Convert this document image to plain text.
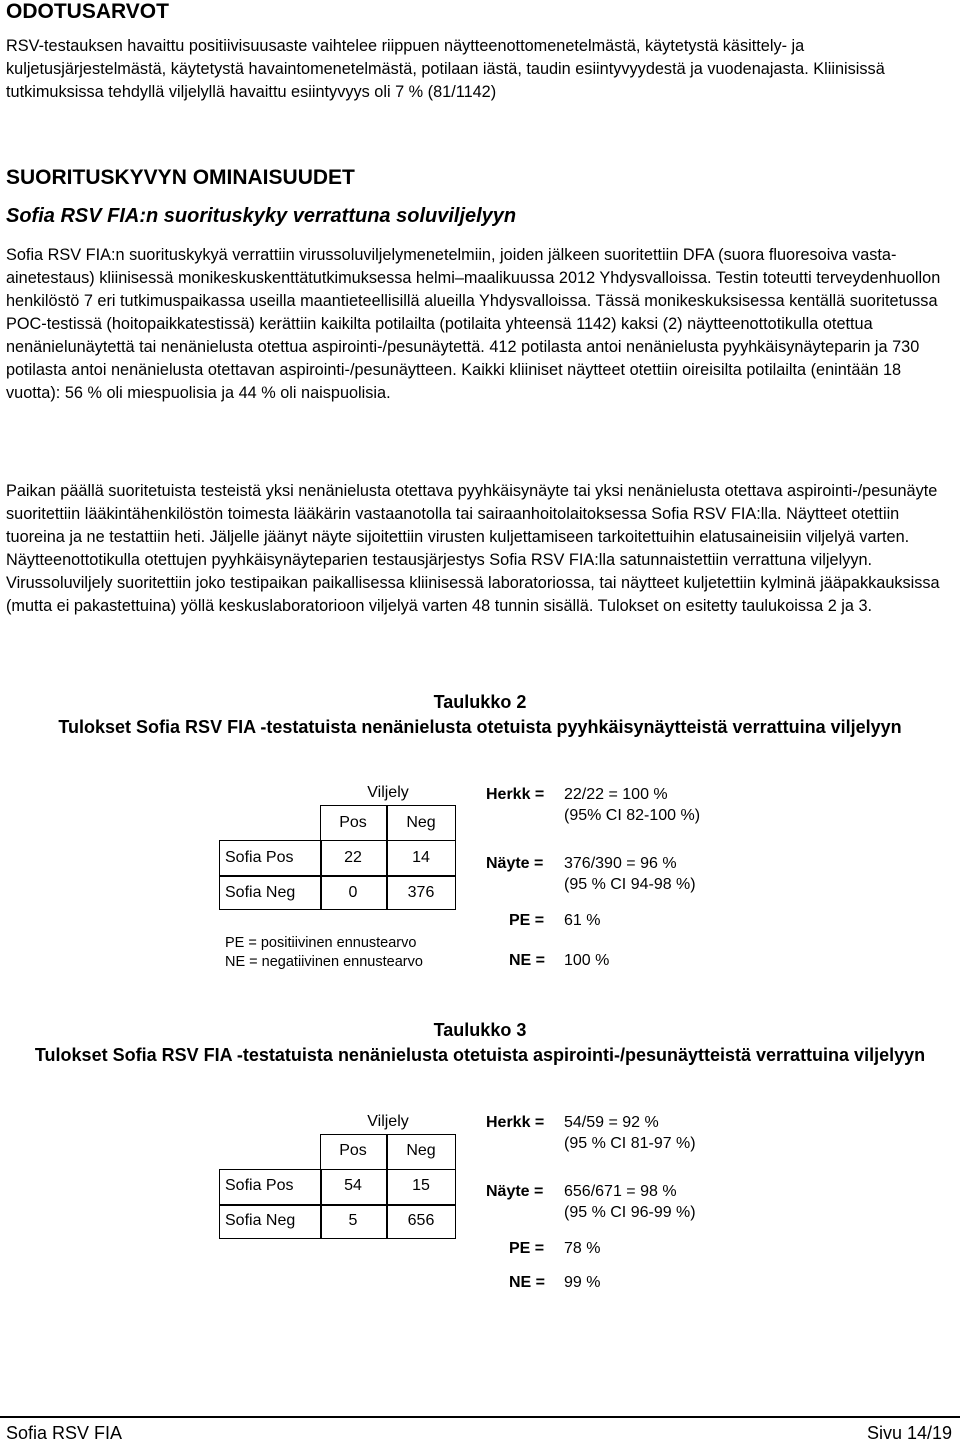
ODOTUSARVOT
RSV-testauksen havaittu positiivisuusaste vaihtelee riippuen näytteenottomenetelmästä, käytetystä käsittely- ja kuljetusjärjestelmästä, käytetystä havaintomenetelmästä, potilaan iästä, taudin esiintyvyydestä ja vuodenajasta. Kliinisissä tutkimuksissa tehdyllä viljelyllä havaittu esiintyvyys oli 7 % (81/1142)
SUORITUSKYVYN OMINAISUUDET
Sofia RSV FIA:n suorituskyky verrattuna soluviljelyyn
Sofia RSV FIA:n suorituskykyä verrattiin virussoluviljelymenetelmiin, joiden jälkeen suoritettiin DFA (suora fluoresoiva vasta-ainetestaus) kliinisessä monikeskuskenttätutkimuksessa helmi–maalikuussa 2012 Yhdysvalloissa. Testin toteutti terveydenhuollon henkilöstö 7 eri tutkimuspaikassa useilla maantieteellisillä alueilla Yhdysvalloissa. Tässä monikeskuksisessa kentällä suoritetussa POC-testissä (hoitopaikkatestissä) kerättiin kaikilta potilailta (potilaita yhteensä 1142) kaksi (2) näytteenottotikulla otettua nenänielunäytettä tai nenänielusta otettua aspirointi-/pesunäytettä. 412 potilasta antoi nenänielusta pyyhkäisynäyteparin ja 730 potilasta antoi nenänielusta otettavan aspirointi-/pesunäytteen. Kaikki kliiniset näytteet otettiin oireisilta potilailta (enintään 18 vuotta): 56 % oli miespuolisia ja 44 % oli naispuolisia.
Paikan päällä suoritetuista testeistä yksi nenänielusta otettava pyyhkäisynäyte tai yksi nenänielusta otettava aspirointi-/pesunäyte suoritettiin lääkintähenkilöstön toimesta lääkärin vastaanotolla tai sairaanhoitolaitoksessa Sofia RSV FIA:lla. Näytteet otettiin tuoreina ja ne testattiin heti. Jäljelle jäänyt näyte sijoitettiin virusten kuljettamiseen tarkoitettuihin elatusaineisiin viljelyä varten. Näytteenottotikulla otettujen pyyhkäisynäyteparien testausjärjestys Sofia RSV FIA:lla satunnaistettiin verrattuna viljelyyn. Virussoluviljely suoritettiin joko testipaikan paikallisessa kliinisessä laboratoriossa, tai näytteet kuljetettiin kylminä jääpakkauksissa (mutta ei pakastettuina) yöllä keskuslaboratorioon viljelyä varten 48 tunnin sisällä. Tulokset on esitetty taulukoissa 2 ja 3.
Taulukko 2
Tulokset Sofia RSV FIA -testatuista nenänielusta otetuista pyyhkäisynäytteistä verrattuina viljelyyn
Viljely
Pos	Neg
Sofia Pos	22	14
Sofia Neg	0	376
PE = positiivinen ennustearvo
NE = negatiivinen ennustearvo
Herkk = 22/22 = 100 %
(95% CI 82-100 %)
Näyte = 376/390 = 96 %
(95 % CI 94-98 %)
PE = 61 %
NE = 100 %
Taulukko 3
Tulokset Sofia RSV FIA -testatuista nenänielusta otetuista aspirointi-/pesunäytteistä verrattuina viljelyyn
Viljely
Pos	Neg
Sofia Pos	54	15
Sofia Neg	5	656
Herkk = 54/59 = 92 %
(95 % CI 81-97 %)
Näyte = 656/671 = 98 %
(95 % CI 96-99 %)
PE = 78 %
NE = 99 %
Sofia RSV FIA	Sivu 14/19
